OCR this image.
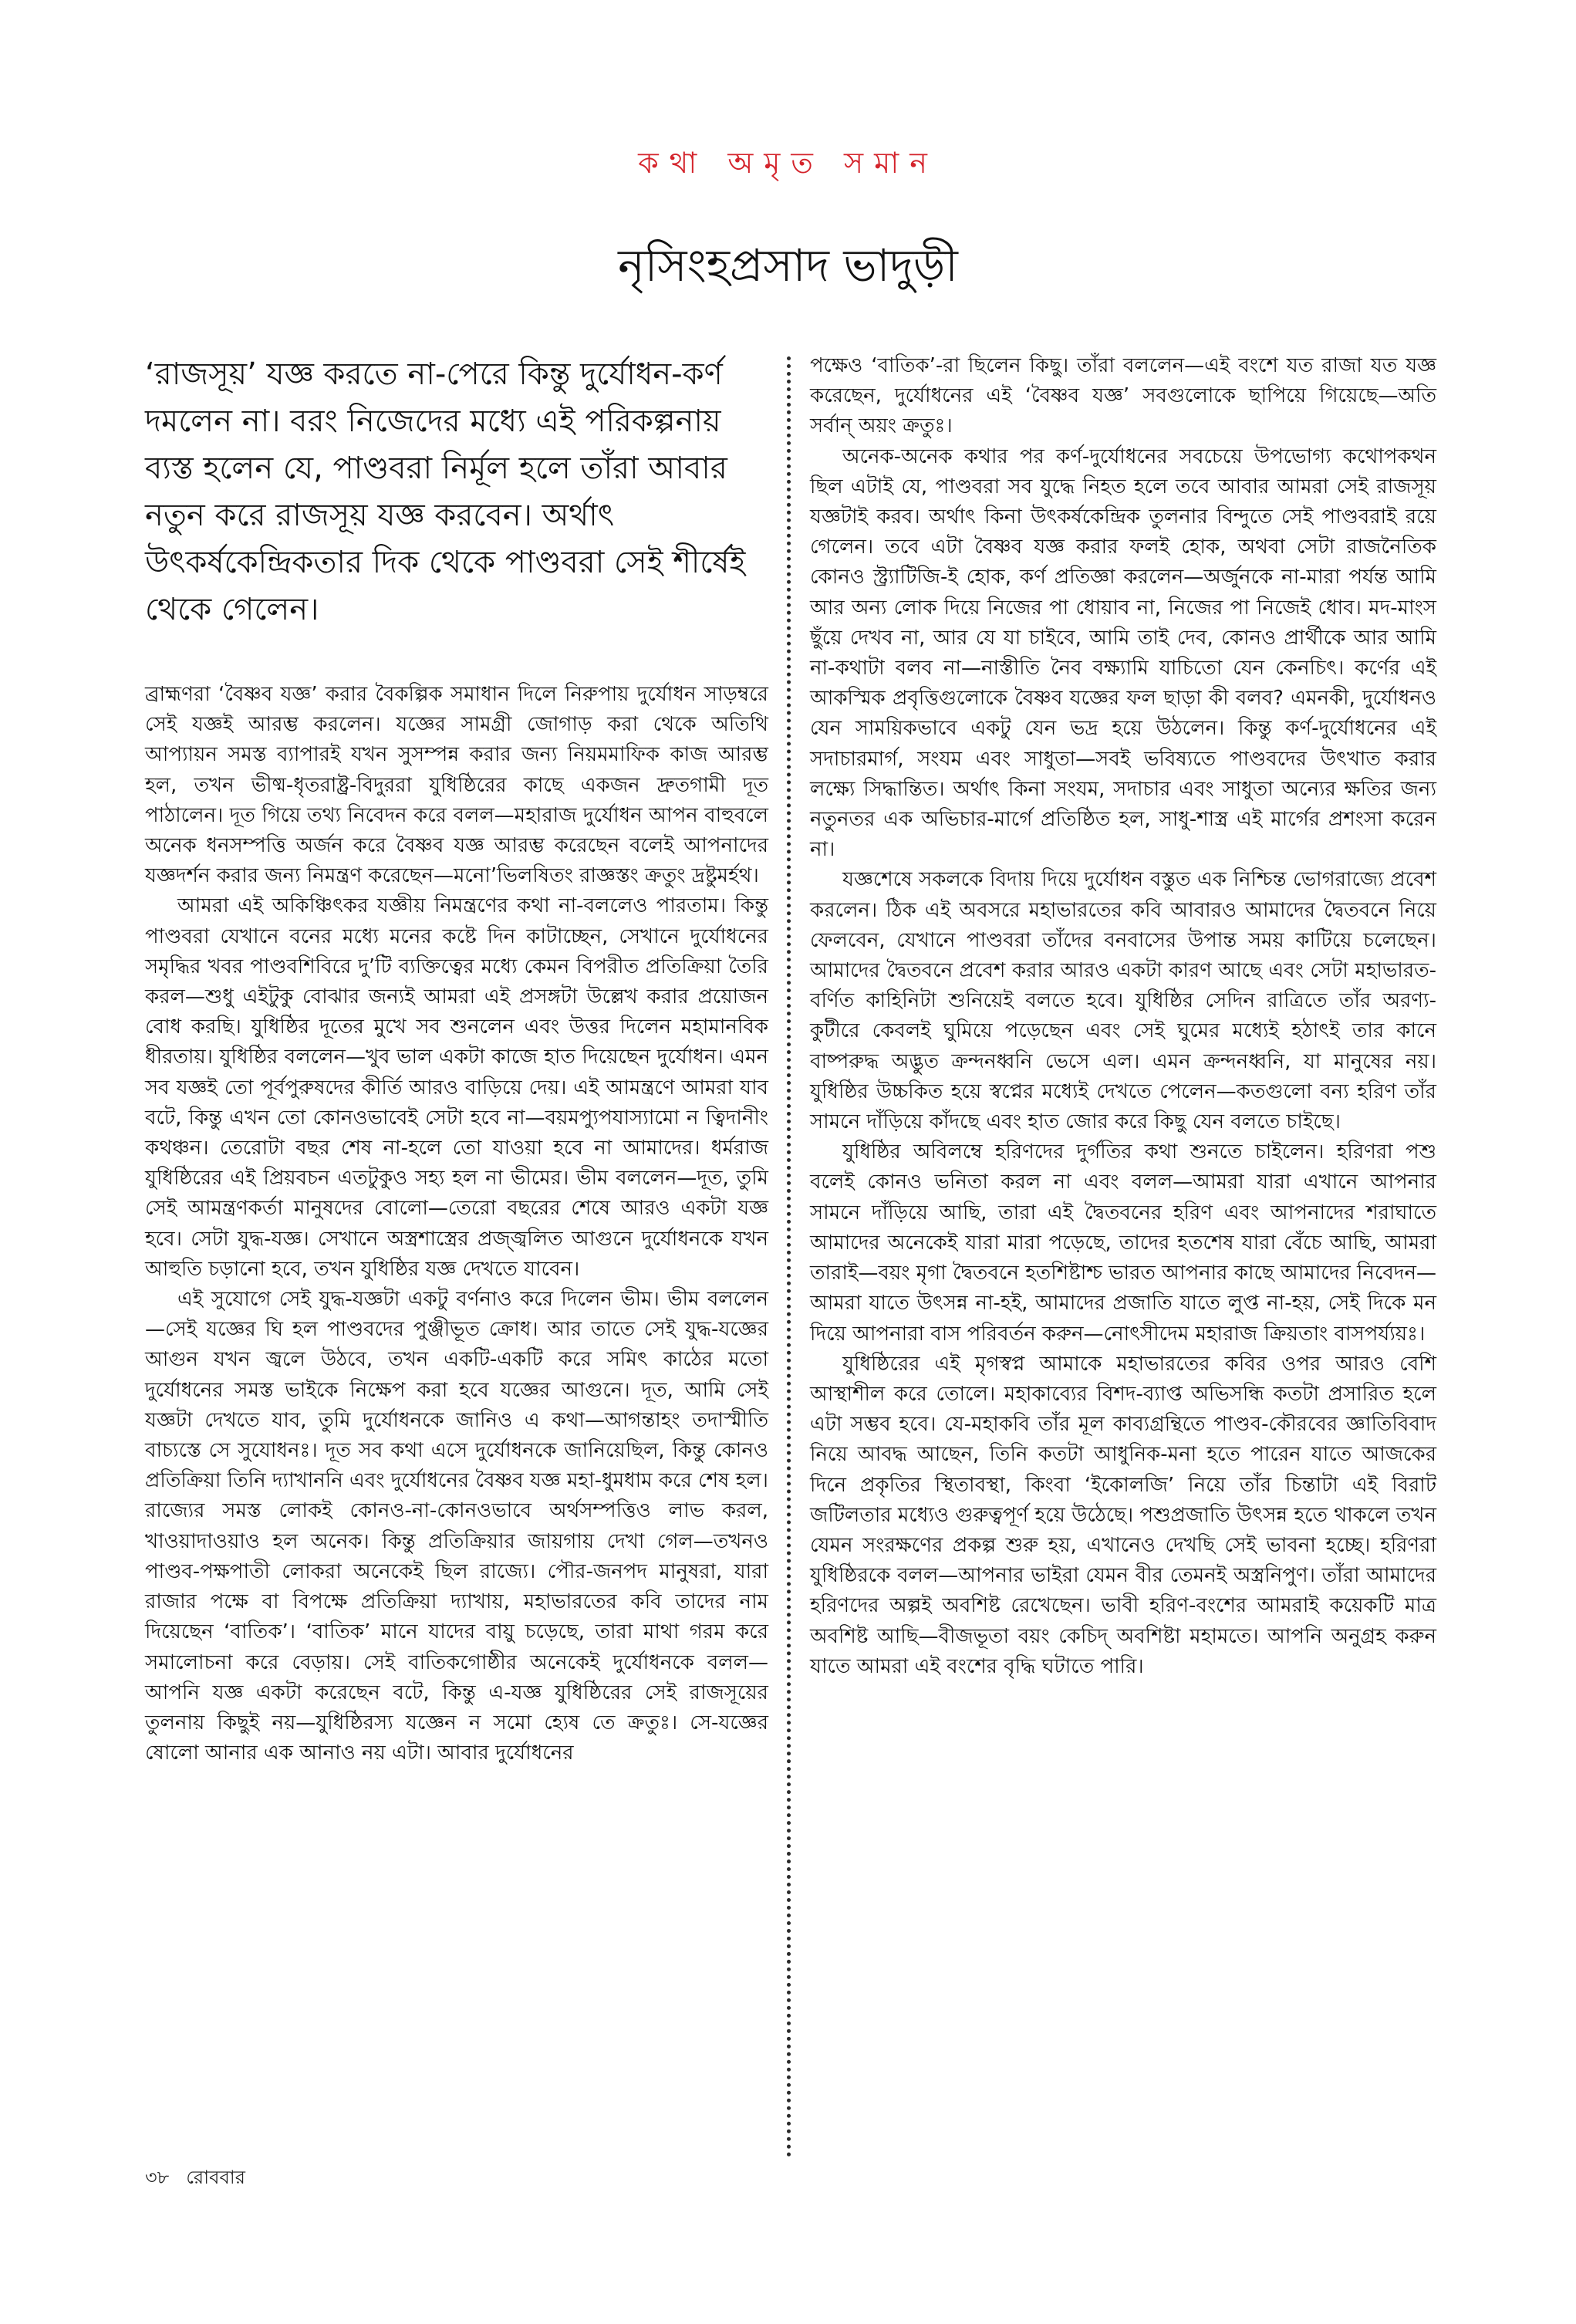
কথা অমৃত সমান
নৃসিংহপ্রসাদ ভাদুড়ী
‘রাজসূয়’ যজ্ঞ করতে না-পেরে কিন্তু দুর্যোধন-কর্ণ দমলেন না। বরং নিজেদের মধ্যে এই পরিকল্পনায় ব্যস্ত হলেন যে, পাণ্ডবরা নির্মূল হলে তাঁরা আবার নতুন করে রাজসূয় যজ্ঞ করবেন। অর্থাৎ উৎকর্ষকেন্দ্রিকতার দিক থেকে পাণ্ডবরা সেই শীর্ষেই থেকে গেলেন।

ব্রাহ্মণরা ‘বৈষ্ণব যজ্ঞ’ করার বৈকল্পিক সমাধান দিলে নিরুপায় দুর্যোধন সাড়ম্বরে সেই যজ্ঞই আরম্ভ করলেন। যজ্ঞের সামগ্রী জোগাড় করা থেকে অতিথি আপ্যায়ন সমস্ত ব্যাপারই যখন সুসম্পন্ন করার জন্য নিয়মমাফিক কাজ আরম্ভ হল, তখন ভীষ্ম-ধৃতরাষ্ট্র-বিদুররা যুধিষ্ঠিরের কাছে একজন দ্রুতগামী দূত পাঠালেন। দূত গিয়ে তথ্য নিবেদন করে বলল—মহারাজ দুর্যোধন আপন বাহুবলে অনেক ধনসম্পত্তি অর্জন করে বৈষ্ণব যজ্ঞ আরম্ভ করেছেন বলেই আপনাদের যজ্ঞদর্শন করার জন্য নিমন্ত্রণ করেছেন—মনো’ভিলষিতং রাজ্ঞস্তং ক্রতুং দ্রষ্টুমর্হথ।

আমরা এই অকিঞ্চিৎকর যজ্ঞীয় নিমন্ত্রণের কথা না-বললেও পারতাম। কিন্তু পাণ্ডবরা যেখানে বনের মধ্যে মনের কষ্টে দিন কাটাচ্ছেন, সেখানে দুর্যোধনের সমৃদ্ধির খবর পাণ্ডবশিবিরে দু’টি ব্যক্তিত্বের মধ্যে কেমন বিপরীত প্রতিক্রিয়া তৈরি করল—শুধু এইটুকু বোঝার জন্যই আমরা এই প্রসঙ্গটা উল্লেখ করার প্রয়োজন বোধ করছি। যুধিষ্ঠির দূতের মুখে সব শুনলেন এবং উত্তর দিলেন মহামানবিক ধীরতায়। যুধিষ্ঠির বললেন—খুব ভাল একটা কাজে হাত দিয়েছেন দুর্যোধন। এমন সব যজ্ঞই তো পূর্বপুরুষদের কীর্তি আরও বাড়িয়ে দেয়। এই আমন্ত্রণে আমরা যাব বটে, কিন্তু এখন তো কোনওভাবেই সেটা হবে না—বয়মপ্যুপযাস্যামো ন ত্বিদানীং কথঞ্চন। তেরোটা বছর শেষ না-হলে তো যাওয়া হবে না আমাদের। ধর্মরাজ যুধিষ্ঠিরের এই প্রিয়বচন এতটুকুও সহ্য হল না ভীমের। ভীম বললেন—দূত, তুমি সেই আমন্ত্রণকর্তা মানুষদের বোলো—তেরো বছরের শেষে আরও একটা যজ্ঞ হবে। সেটা যুদ্ধ-যজ্ঞ। সেখানে অস্ত্রশাস্ত্রের প্রজ্জ্বলিত আগুনে দুর্যোধনকে যখন আহুতি চড়ানো হবে, তখন যুধিষ্ঠির যজ্ঞ দেখতে যাবেন।

এই সুযোগে সেই যুদ্ধ-যজ্ঞটা একটু বর্ণনাও করে দিলেন ভীম। ভীম বললেন—সেই যজ্ঞের ঘি হল পাণ্ডবদের পুঞ্জীভূত ক্রোধ। আর তাতে সেই যুদ্ধ-যজ্ঞের আগুন যখন জ্বলে উঠবে, তখন একটি-একটি করে সমিৎ কাঠের মতো দুর্যোধনের সমস্ত ভাইকে নিক্ষেপ করা হবে যজ্ঞের আগুনে। দূত, আমি সেই যজ্ঞটা দেখতে যাব, তুমি দুর্যোধনকে জানিও এ কথা—আগন্তাহং তদাস্মীতি বাচ্যস্তে সে সুযোধনঃ। দূত সব কথা এসে দুর্যোধনকে জানিয়েছিল, কিন্তু কোনও প্রতিক্রিয়া তিনি দ্যাখাননি এবং দুর্যোধনের বৈষ্ণব যজ্ঞ মহা-ধুমধাম করে শেষ হল। রাজ্যের সমস্ত লোকই কোনও-না-কোনওভাবে অর্থসম্পত্তিও লাভ করল, খাওয়াদাওয়াও হল অনেক। কিন্তু প্রতিক্রিয়ার জায়গায় দেখা গেল—তখনও পাণ্ডব-পক্ষপাতী লোকরা অনেকেই ছিল রাজ্যে। পৌর-জনপদ মানুষরা, যারা রাজার পক্ষে বা বিপক্ষে প্রতিক্রিয়া দ্যাখায়, মহাভারতের কবি তাদের নাম দিয়েছেন ‘বাতিক’। ‘বাতিক’ মানে যাদের বায়ু চড়েছে, তারা মাথা গরম করে সমালোচনা করে বেড়ায়। সেই বাতিকগোষ্ঠীর অনেকেই দুর্যোধনকে বলল—আপনি যজ্ঞ একটা করেছেন বটে, কিন্তু এ-যজ্ঞ যুধিষ্ঠিরের সেই রাজসূয়ের তুলনায় কিছুই নয়—যুধিষ্ঠিরস্য যজ্ঞেন ন সমো হ্যেষ তে ক্রতুঃ। সে-যজ্ঞের ষোলো আনার এক আনাও নয় এটা। আবার দুর্যোধনের

পক্ষেও ‘বাতিক’-রা ছিলেন কিছু। তাঁরা বললেন—এই বংশে যত রাজা যত যজ্ঞ করেছেন, দুর্যোধনের এই ‘বৈষ্ণব যজ্ঞ’ সবগুলোকে ছাপিয়ে গিয়েছে—অতি সর্বান্ অয়ং ক্রতুঃ।

অনেক-অনেক কথার পর কর্ণ-দুর্যোধনের সবচেয়ে উপভোগ্য কথোপকথন ছিল এটাই যে, পাণ্ডবরা সব যুদ্ধে নিহত হলে তবে আবার আমরা সেই রাজসূয় যজ্ঞটাই করব। অর্থাৎ কিনা উৎকর্ষকেন্দ্রিক তুলনার বিন্দুতে সেই পাণ্ডবরাই রয়ে গেলেন। তবে এটা বৈষ্ণব যজ্ঞ করার ফলই হোক, অথবা সেটা রাজনৈতিক কোনও স্ট্র্যাটিজি-ই হোক, কর্ণ প্রতিজ্ঞা করলেন—অর্জুনকে না-মারা পর্যন্ত আমি আর অন্য লোক দিয়ে নিজের পা ধোয়াব না, নিজের পা নিজেই ধোব। মদ-মাংস ছুঁয়ে দেখব না, আর যে যা চাইবে, আমি তাই দেব, কোনও প্রার্থীকে আর আমি না-কথাটা বলব না—নাস্তীতি নৈব বক্ষ্যামি যাচিতো যেন কেনচিৎ। কর্ণের এই আকস্মিক প্রবৃত্তিগুলোকে বৈষ্ণব যজ্ঞের ফল ছাড়া কী বলব? এমনকী, দুর্যোধনও যেন সাময়িকভাবে একটু যেন ভদ্র হয়ে উঠলেন। কিন্তু কর্ণ-দুর্যোধনের এই সদাচারমার্গ, সংযম এবং সাধুতা—সবই ভবিষ্যতে পাণ্ডবদের উৎখাত করার লক্ষ্যে সিদ্ধান্তিত। অর্থাৎ কিনা সংযম, সদাচার এবং সাধুতা অন্যের ক্ষতির জন্য নতুনতর এক অভিচার-মার্গে প্রতিষ্ঠিত হল, সাধু-শাস্ত্র এই মার্গের প্রশংসা করেন না।

যজ্ঞশেষে সকলকে বিদায় দিয়ে দুর্যোধন বস্তুত এক নিশ্চিন্ত ভোগরাজ্যে প্রবেশ করলেন। ঠিক এই অবসরে মহাভারতের কবি আবারও আমাদের দ্বৈতবনে নিয়ে ফেলবেন, যেখানে পাণ্ডবরা তাঁদের বনবাসের উপান্ত সময় কাটিয়ে চলেছেন। আমাদের দ্বৈতবনে প্রবেশ করার আরও একটা কারণ আছে এবং সেটা মহাভারত-বর্ণিত কাহিনিটা শুনিয়েই বলতে হবে। যুধিষ্ঠির সেদিন রাত্রিতে তাঁর অরণ্য-কুটীরে কেবলই ঘুমিয়ে পড়েছেন এবং সেই ঘুমের মধ্যেই হঠাৎই তার কানে বাষ্পরুদ্ধ অদ্ভুত ক্রন্দনধ্বনি ভেসে এল। এমন ক্রন্দনধ্বনি, যা মানুষের নয়। যুধিষ্ঠির উচ্চকিত হয়ে স্বপ্নের মধ্যেই দেখতে পেলেন—কতগুলো বন্য হরিণ তাঁর সামনে দাঁড়িয়ে কাঁদছে এবং হাত জোর করে কিছু যেন বলতে চাইছে।

যুধিষ্ঠির অবিলম্বে হরিণদের দুর্গতির কথা শুনতে চাইলেন। হরিণরা পশু বলেই কোনও ভনিতা করল না এবং বলল—আমরা যারা এখানে আপনার সামনে দাঁড়িয়ে আছি, তারা এই দ্বৈতবনের হরিণ এবং আপনাদের শরাঘাতে আমাদের অনেকেই যারা মারা পড়েছে, তাদের হতশেষ যারা বেঁচে আছি, আমরা তারাই—বয়ং মৃগা দ্বৈতবনে হতশিষ্টাশ্চ ভারত আপনার কাছে আমাদের নিবেদন—আমরা যাতে উৎসন্ন না-হই, আমাদের প্রজাতি যাতে লুপ্ত না-হয়, সেই দিকে মন দিয়ে আপনারা বাস পরিবর্তন করুন—নোৎসীদেম মহারাজ ক্রিয়তাং বাসপর্য্যয়ঃ।

যুধিষ্ঠিরের এই মৃগস্বপ্ন আমাকে মহাভারতের কবির ওপর আরও বেশি আস্থাশীল করে তোলে। মহাকাব্যের বিশদ-ব্যাপ্ত অভিসন্ধি কতটা প্রসারিত হলে এটা সম্ভব হবে। যে-মহাকবি তাঁর মূল কাব্যগ্রন্থিতে পাণ্ডব-কৌরবের জ্ঞাতিবিবাদ নিয়ে আবদ্ধ আছেন, তিনি কতটা আধুনিক-মনা হতে পারেন যাতে আজকের দিনে প্রকৃতির স্থিতাবস্থা, কিংবা ‘ইকোলজি’ নিয়ে তাঁর চিন্তাটা এই বিরাট জটিলতার মধ্যেও গুরুত্বপূর্ণ হয়ে উঠেছে। পশুপ্রজাতি উৎসন্ন হতে থাকলে তখন যেমন সংরক্ষণের প্রকল্প শুরু হয়, এখানেও দেখছি সেই ভাবনা হচ্ছে। হরিণরা যুধিষ্ঠিরকে বলল—আপনার ভাইরা যেমন বীর তেমনই অস্ত্রনিপুণ। তাঁরা আমাদের হরিণদের অল্পই অবশিষ্ট রেখেছেন। ভাবী হরিণ-বংশের আমরাই কয়েকটি মাত্র অবশিষ্ট আছি—বীজভূতা বয়ং কেচিদ্ অবশিষ্টা মহামতে। আপনি অনুগ্রহ করুন যাতে আমরা এই বংশের বৃদ্ধি ঘটাতে পারি।

৩৮ রোববার
